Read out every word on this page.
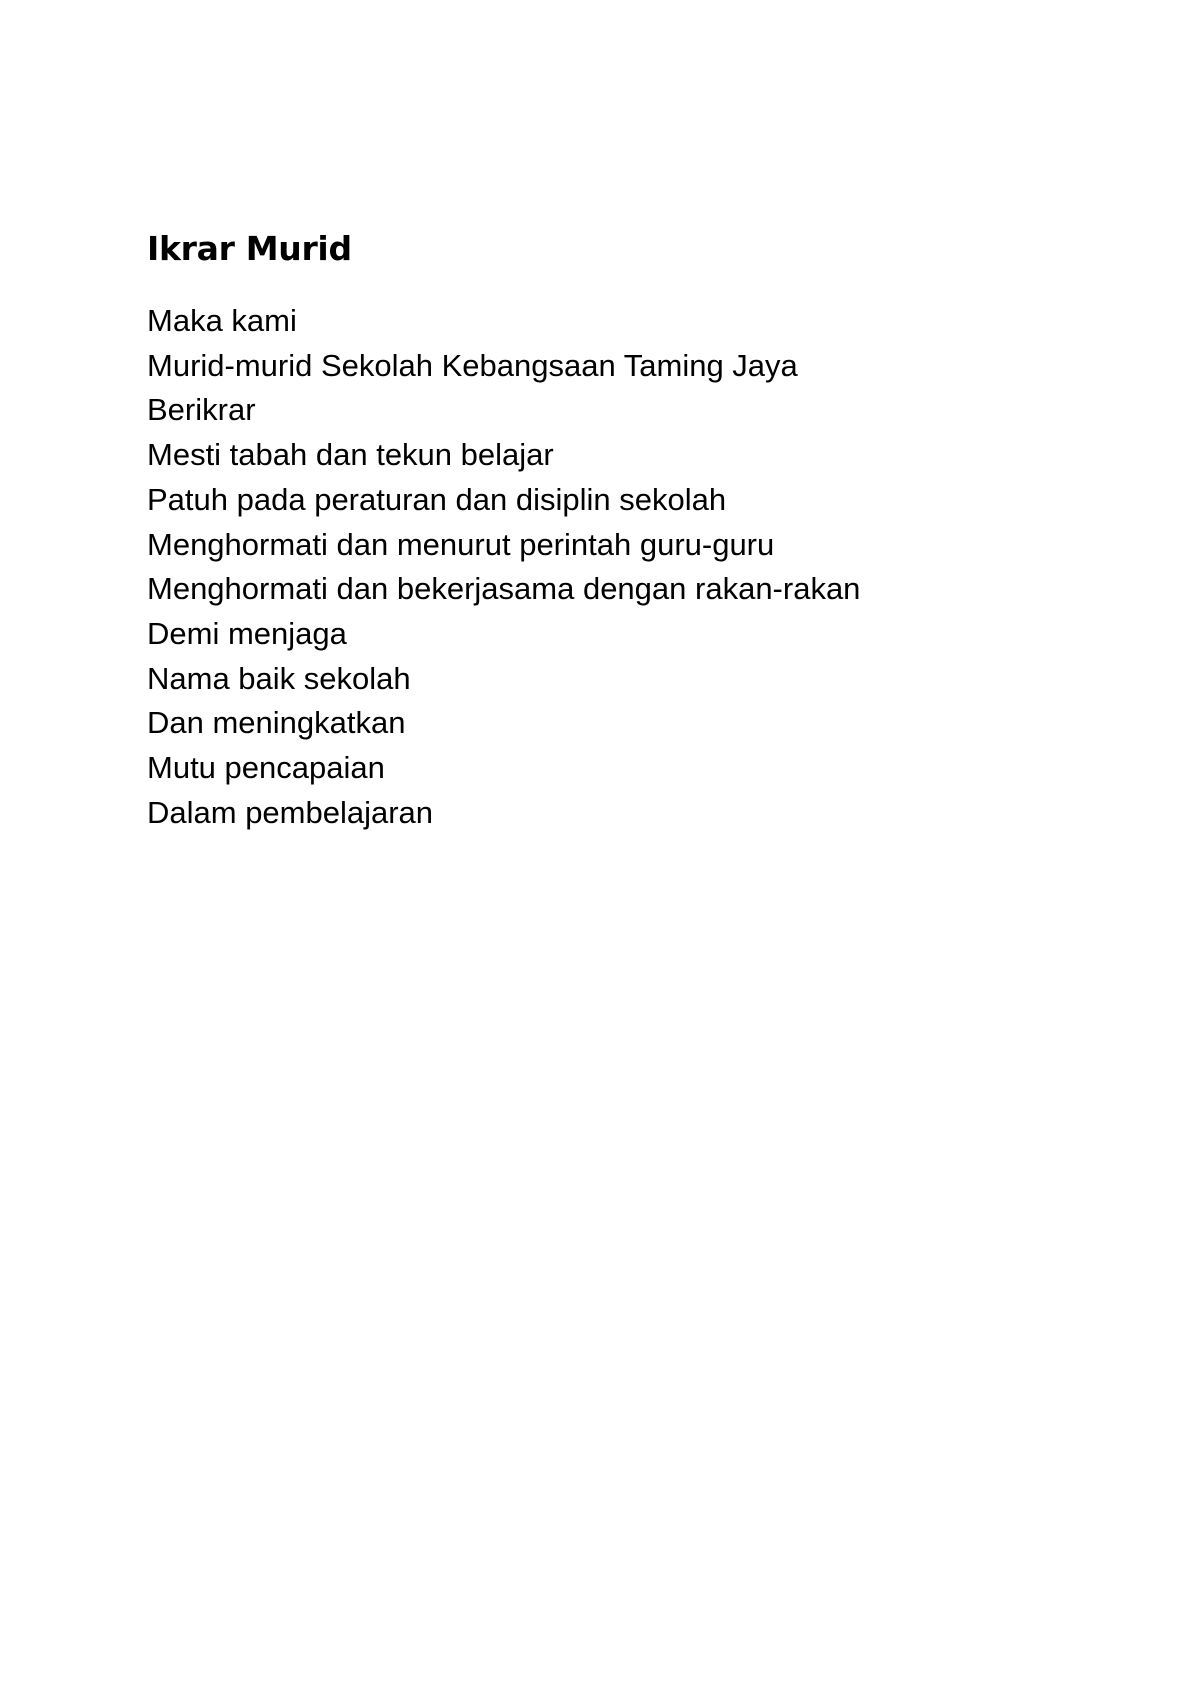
Ikrar Murid
Maka kami
Murid-murid Sekolah Kebangsaan Taming Jaya
Berikrar
Mesti tabah dan tekun belajar
Patuh pada peraturan dan disiplin sekolah
Menghormati dan menurut perintah guru-guru
Menghormati dan bekerjasama dengan rakan-rakan
Demi menjaga
Nama baik sekolah
Dan meningkatkan
Mutu pencapaian
Dalam pembelajaran
